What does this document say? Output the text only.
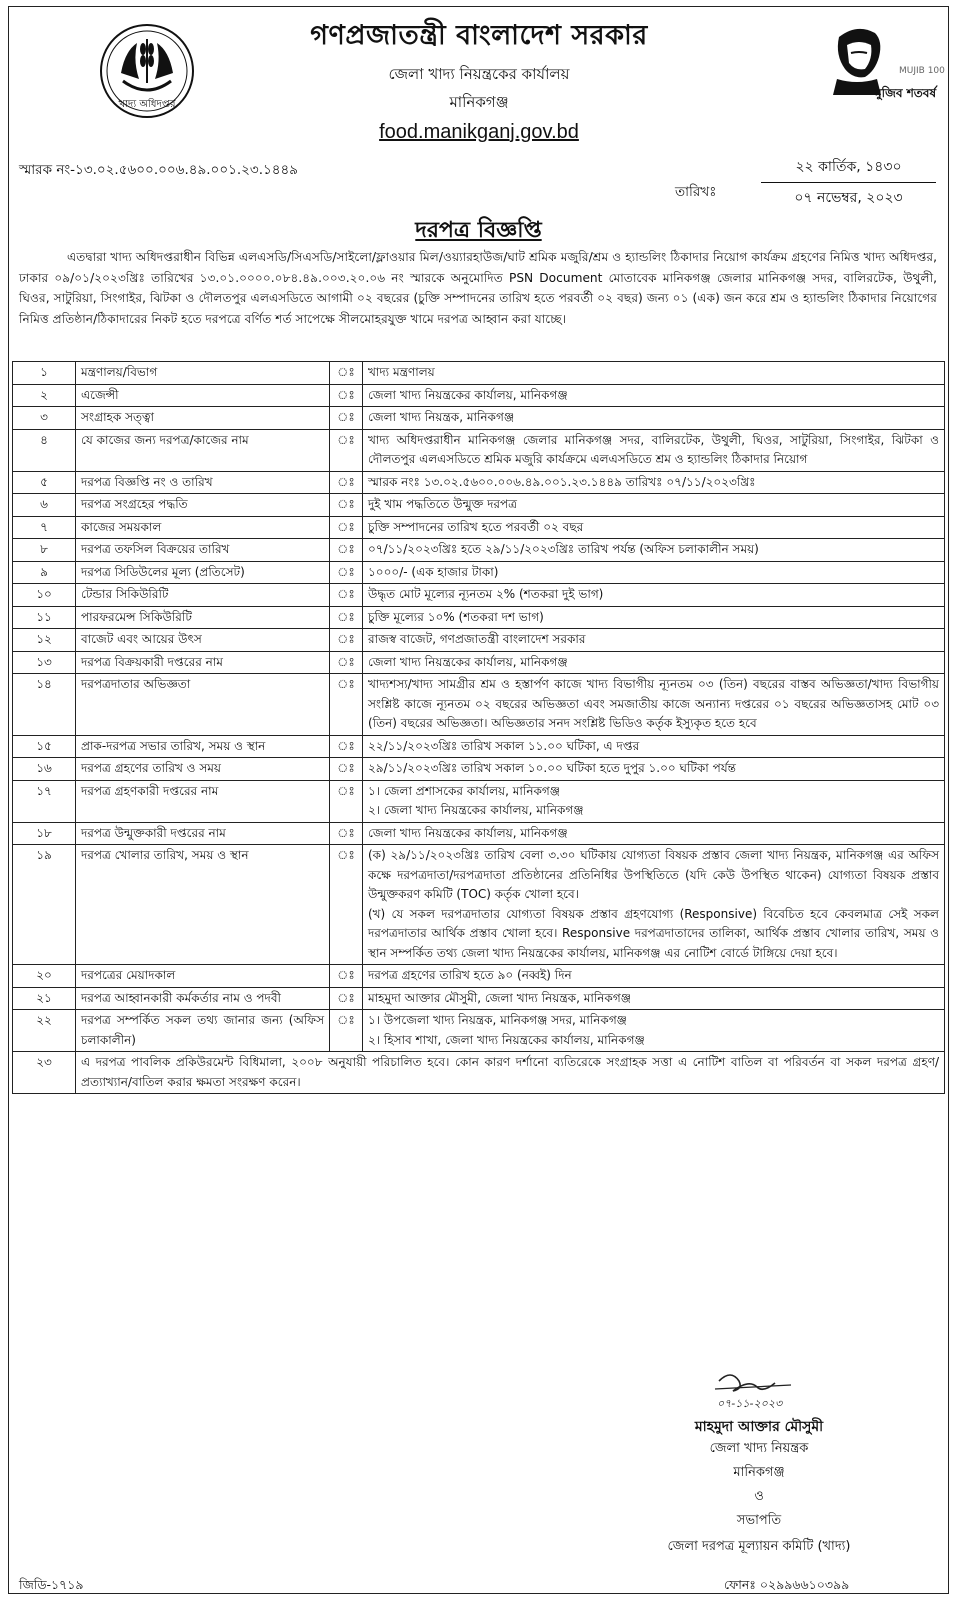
খাদ্য অধিদপ্তর
গণপ্রজাতন্ত্রী বাংলাদেশ সরকার
জেলা খাদ্য নিয়ন্ত্রকের কার্যালয়
মানিকগঞ্জ
food.manikganj.gov.bd
মুজিব শতবর্ষ
MUJIB 100
স্মারক নং-১৩.০২.৫৬০০.০০৬.৪৯.০০১.২৩.১৪৪৯
তারিখঃ
২২ কার্তিক, ১৪৩০
০৭ নভেম্বর, ২০২৩
দরপত্র বিজ্ঞপ্তি
এতদ্বারা খাদ্য অধিদপ্তরাধীন বিভিন্ন এলএসডি/সিএসডি/সাইলো/ফ্লাওয়ার মিল/ওয়্যারহাউজ/ঘাট শ্রমিক মজুরি/শ্রম ও হ্যান্ডলিং ঠিকাদার নিয়োগ কার্যক্রম গ্রহণের নিমিত্ত খাদ্য অধিদপ্তর, ঢাকার ০৯/০১/২০২৩খ্রিঃ তারিখের ১৩.০১.০০০০.০৮৪.৪৯.০০৩.২০.০৬ নং স্মারকে অনুমোদিত PSN Document মোতাবেক মানিকগঞ্জ জেলার মানিকগঞ্জ সদর, বালিরটেক, উথুলী, ঘিওর, সাটুরিয়া, সিংগাইর, ঝিটকা ও দৌলতপুর এলএসডিতে আগামী ০২ বছরের (চুক্তি সম্পাদনের তারিখ হতে পরবর্তী ০২ বছর) জন্য ০১ (এক) জন করে শ্রম ও হ্যান্ডলিং ঠিকাদার নিয়োগের নিমিত্ত প্রতিষ্ঠান/ঠিকাদারের নিকট হতে দরপত্রে বর্ণিত শর্ত সাপেক্ষে সীলমোহরযুক্ত খামে দরপত্র আহ্বান করা যাচ্ছে।
১	মন্ত্রণালয়/বিভাগ	ঃ	খাদ্য মন্ত্রণালয়
২	এজেন্সী	ঃ	জেলা খাদ্য নিয়ন্ত্রকের কার্যালয়, মানিকগঞ্জ
৩	সংগ্রাহক সত্ত্বা	ঃ	জেলা খাদ্য নিয়ন্ত্রক, মানিকগঞ্জ
৪	যে কাজের জন্য দরপত্র/কাজের নাম	ঃ	খাদ্য অধিদপ্তরাধীন মানিকগঞ্জ জেলার মানিকগঞ্জ সদর, বালিরটেক, উথুলী, ঘিওর, সাটুরিয়া, সিংগাইর, ঝিটকা ও দৌলতপুর এলএসডিতে শ্রমিক মজুরি কার্যক্রমে এলএসডিতে শ্রম ও হ্যান্ডলিং ঠিকাদার নিয়োগ
৫	দরপত্র বিজ্ঞপ্তি নং ও তারিখ	ঃ	স্মারক নংঃ ১৩.০২.৫৬০০.০০৬.৪৯.০০১.২৩.১৪৪৯ তারিখঃ ০৭/১১/২০২৩খ্রিঃ
৬	দরপত্র সংগ্রহের পদ্ধতি	ঃ	দুই খাম পদ্ধতিতে উন্মুক্ত দরপত্র
৭	কাজের সময়কাল	ঃ	চুক্তি সম্পাদনের তারিখ হতে পরবর্তী ০২ বছর
৮	দরপত্র তফসিল বিক্রয়ের তারিখ	ঃ	০৭/১১/২০২৩খ্রিঃ হতে ২৯/১১/২০২৩খ্রিঃ তারিখ পর্যন্ত (অফিস চলাকালীন সময়)
৯	দরপত্র সিডিউলের মূল্য (প্রতিসেট)	ঃ	১০০০/- (এক হাজার টাকা)
১০	টেন্ডার সিকিউরিটি	ঃ	উদ্ধৃত মোট মূল্যের ন্যূনতম ২% (শতকরা দুই ভাগ)
১১	পারফরমেন্স সিকিউরিটি	ঃ	চুক্তি মূল্যের ১০% (শতকরা দশ ভাগ)
১২	বাজেট এবং আয়ের উৎস	ঃ	রাজস্ব বাজেট, গণপ্রজাতন্ত্রী বাংলাদেশ সরকার
১৩	দরপত্র বিক্রয়কারী দপ্তরের নাম	ঃ	জেলা খাদ্য নিয়ন্ত্রকের কার্যালয়, মানিকগঞ্জ
১৪	দরপত্রদাতার অভিজ্ঞতা	ঃ	খাদ্যশস্য/খাদ্য সামগ্রীর শ্রম ও হস্তার্পণ কাজে খাদ্য বিভাগীয় ন্যূনতম ০৩ (তিন) বছরের বাস্তব অভিজ্ঞতা/খাদ্য বিভাগীয় সংশ্লিষ্ট কাজে ন্যূনতম ০২ বছরের অভিজ্ঞতা এবং সমজাতীয় কাজে অন্যান্য দপ্তরের ০১ বছরের অভিজ্ঞতাসহ মোট ০৩ (তিন) বছরের অভিজ্ঞতা। অভিজ্ঞতার সনদ সংশ্লিষ্ট ভিডিও কর্তৃক ইস্যুকৃত হতে হবে
১৫	প্রাক-দরপত্র সভার তারিখ, সময় ও স্থান	ঃ	২২/১১/২০২৩খ্রিঃ তারিখ সকাল ১১.০০ ঘটিকা, এ দপ্তর
১৬	দরপত্র গ্রহণের তারিখ ও সময়	ঃ	২৯/১১/২০২৩খ্রিঃ তারিখ সকাল ১০.০০ ঘটিকা হতে দুপুর ১.০০ ঘটিকা পর্যন্ত
১৭	দরপত্র গ্রহণকারী দপ্তরের নাম	ঃ	১। জেলা প্রশাসকের কার্যালয়, মানিকগঞ্জ
২। জেলা খাদ্য নিয়ন্ত্রকের কার্যালয়, মানিকগঞ্জ

১৮	দরপত্র উন্মুক্তকারী দপ্তরের নাম	ঃ	জেলা খাদ্য নিয়ন্ত্রকের কার্যালয়, মানিকগঞ্জ
১৯	দরপত্র খোলার তারিখ, সময় ও স্থান	ঃ	(ক) ২৯/১১/২০২৩খ্রিঃ তারিখ বেলা ৩.৩০ ঘটিকায় যোগ্যতা বিষয়ক প্রস্তাব জেলা খাদ্য নিয়ন্ত্রক, মানিকগঞ্জ এর অফিস কক্ষে দরপত্রদাতা/দরপত্রদাতা প্রতিষ্ঠানের প্রতিনিধির উপস্থিতিতে (যদি কেউ উপস্থিত থাকেন) যোগ্যতা বিষয়ক প্রস্তাব উন্মুক্তকরণ কমিটি (TOC) কর্তৃক খোলা হবে।
(খ) যে সকল দরপত্রদাতার যোগ্যতা বিষয়ক প্রস্তাব গ্রহণযোগ্য (Responsive) বিবেচিত হবে কেবলমাত্র সেই সকল দরপত্রদাতার আর্থিক প্রস্তাব খোলা হবে। Responsive দরপত্রদাতাদের তালিকা, আর্থিক প্রস্তাব খোলার তারিখ, সময় ও স্থান সম্পর্কিত তথ্য জেলা খাদ্য নিয়ন্ত্রকের কার্যালয়, মানিকগঞ্জ এর নোটিশ বোর্ডে টাঙ্গিয়ে দেয়া হবে।

২০	দরপত্রের মেয়াদকাল	ঃ	দরপত্র গ্রহণের তারিখ হতে ৯০ (নব্বই) দিন
২১	দরপত্র আহ্বানকারী কর্মকর্তার নাম ও পদবী	ঃ	মাহমুদা আক্তার মৌসুমী, জেলা খাদ্য নিয়ন্ত্রক, মানিকগঞ্জ
২২	দরপত্র সম্পর্কিত সকল তথ্য জানার জন্য (অফিস চলাকালীন)	ঃ	১। উপজেলা খাদ্য নিয়ন্ত্রক, মানিকগঞ্জ সদর, মানিকগঞ্জ
২। হিসাব শাখা, জেলা খাদ্য নিয়ন্ত্রকের কার্যালয়, মানিকগঞ্জ

২৩	এ দরপত্র পাবলিক প্রকিউরমেন্ট বিধিমালা, ২০০৮ অনুযায়ী পরিচালিত হবে। কোন কারণ দর্শানো ব্যতিরেকে সংগ্রাহক সত্তা এ নোটিশ বাতিল বা পরিবর্তন বা সকল দরপত্র গ্রহণ/প্রত্যাখ্যান/বাতিল করার ক্ষমতা সংরক্ষণ করেন।		
০৭-১১-২০২৩
মাহমুদা আক্তার মৌসুমী
জেলা খাদ্য নিয়ন্ত্রক
মানিকগঞ্জ
ও
সভাপতি
জেলা দরপত্র মূল্যায়ন কমিটি (খাদ্য)
জিডি-১৭১৯	ফোনঃ ০২৯৯৬৬১০৩৯৯
